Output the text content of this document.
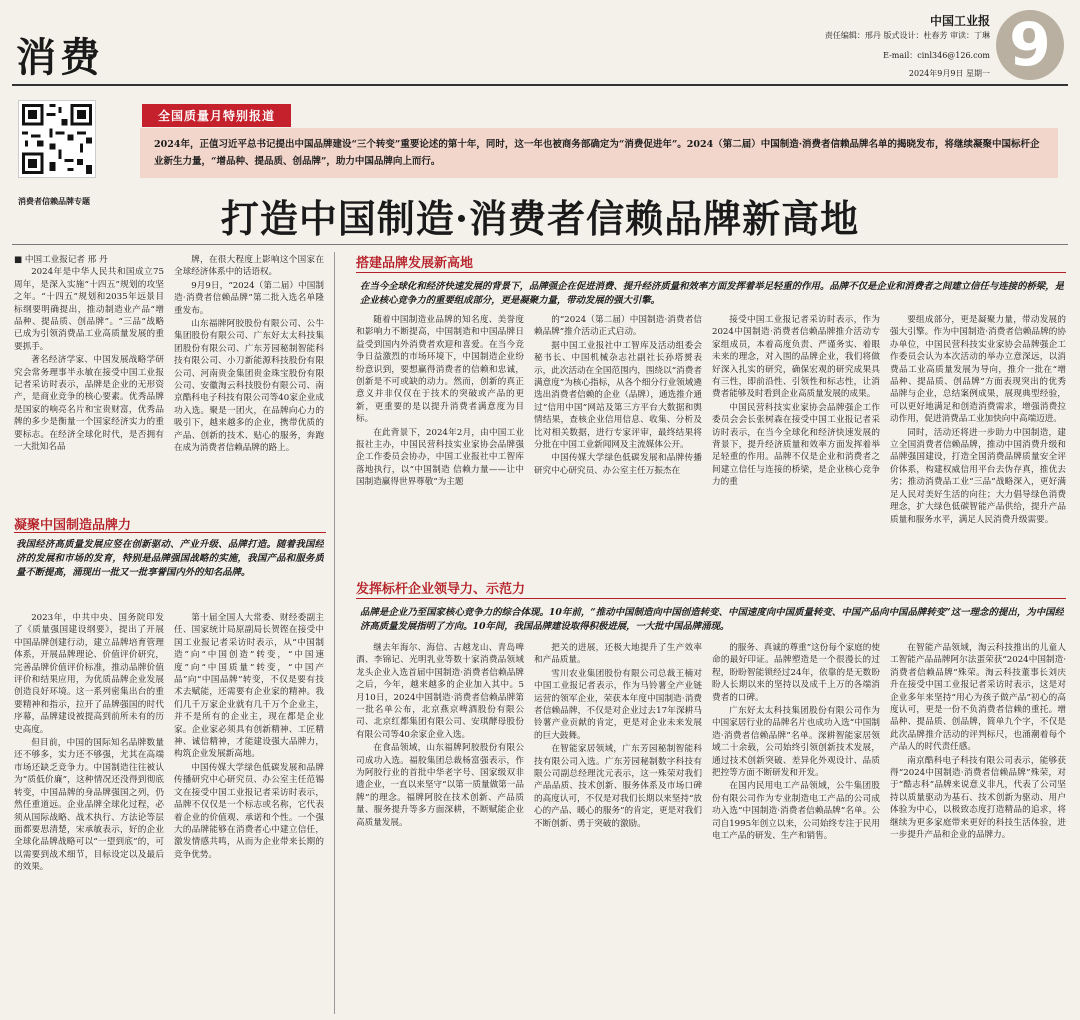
消费
中国工业报
责任编辑：邢丹 版式设计：杜春芳 审读：丁琳
E-mail：cinl346@126.com
2024年9月9日 星期一 9
消费者信赖品牌专题
全国质量月特别报道
2024年，正值习近平总书记提出中国品牌建设“三个转变”重要论述的第十年，同时，这一年也被商务部确定为“消费促进年”。2024（第二届）中国制造·消费者信赖品牌名单的揭晓发布，将继续凝聚中国标杆企业新生力量，“增品种、提品质、创品牌”，助力中国品牌向上而行。
打造中国制造·消费者信赖品牌新高地
■ 中国工业报记者 邢 丹

2024年是中华人民共和国成立75周年，是深入实施“十四五”规划的攻坚之年。“十四五”规划和2035年远景目标纲要明确提出，推动制造业产品“增品种、提品质、创品牌”。“三品”战略已成为引领消费品工业高质量发展的重要抓手。

著名经济学家、中国发展战略学研究会常务理事半永敏在接受中国工业报记者采访时表示，品牌是企业的无形资产，是商业竞争的核心要素。优秀品牌是国家的响亮名片和宝贵财富，优秀品牌的多少是衡量一个国家经济实力的重要标志。在经济全球化时代，是否拥有一大批知名品

牌，在很大程度上影响这个国家在全球经济体系中的话语权。

9月9日，“2024（第二届）中国制造·消费者信赖品牌”第二批入选名单隆重发布。

山东福牌阿胶股份有限公司、公牛集团股份有限公司、广东好太太科技集团股份有限公司、广东芳园秘制智能科技有限公司、小刀新能源科技股份有限公司、河南贵金集团贵金珠宝股份有限公司、安徽淘云科技股份有限公司、南京酷科电子科技有限公司等40家企业成功入选。聚是一团火，在品牌向心力的吸引下，越来越多的企业，携带优质的产品、创新的技术、贴心的服务，奔跑在成为消费者信赖品牌的路上。

凝聚中国制造品牌力
我国经济高质量发展应竖在创新驱动、产业升级、品牌打造。随着我国经济的发展和市场的发育，特别是品牌强国战略的实施，我国产品和服务质量不断提高，涌现出一批又一批享誉国内外的知名品牌。

2023年，中共中央、国务院印发了《质量强国建设纲要》，提出了开展中国品牌创建行动，建立品牌培育管理体系，开展品牌理论、价值评价研究，完善品牌价值评价标准，推动品牌价值评价和结果应用，为优质品牌企业发展创造良好环境。这一系列密集出台的重要精神和指示，拉开了品牌强国的时代序幕，品牌建设被提高到前所未有的历史高度。

但目前，中国的国际知名品牌数量还不够多，实力还不够强，尤其在高端市场还缺乏竞争力。中国制造往往被认为“质低价廉”，这种情况还没得到彻底转变，中国品牌的身品牌强国之列，仍然任重道远。企业品牌全球化过程，必须从国际战略、战术执行、方法论等层面都要思清楚，宋承敏表示，好的企业全球化品牌战略可以“一望到底”的，可以需要到战术细节，目标设定以及最后的效果。

第十届全国人大常委、财经委副主任、国家统计局原副局长贺铿在接受中国工业报记者采访时表示，从“中国制造”向“中国创造”转变，“中国速度”向“中国质量”转变，“中国产品”向“中国品牌”转变，不仅是要有技术去赋能，还需要有企业家的精神。我们几千万家企业就有几千万个企业主，并不是所有的企业主，现在都是企业家。企业家必须具有创新精神、工匠精神、诚信精神，才能建设强大品牌力，构筑企业发展新高地。

中国传媒大学绿色低碳发展和品牌传播研究中心研究员、办公室主任范锡文在接受中国工业报记者采访时表示，品牌不仅仅是一个标志或名称，它代表着企业的价值观、承诺和个性。一个强大的品牌能够在消费者心中建立信任，激发情感共鸣，从而为企业带来长期的竞争优势。

搭建品牌发展新高地
在当今全球化和经济快速发展的背景下，品牌强企在促进消费、提升经济质量和效率方面发挥着举足轻重的作用。品牌不仅是企业和消费者之间建立信任与连接的桥梁，是企业核心竞争力的重要组成部分，更是凝聚力量，带动发展的强大引擎。

随着中国制造业品牌的知名度、美誉度和影响力不断提高，中国制造和中国品牌日益受到国内外消费者欢迎和喜爱。在当今竞争日益激烈的市场环境下，中国制造企业纷纷意识到，要想赢得消费者的信赖和忠诚，创新是不可或缺的动力。然而，创新的真正意义并非仅仅在于技术的突破或产品的更新，更重要的是以提升消费者满意度为目标。

在此背景下，2024年2月，由中国工业报社主办，中国民营科技实业家协会品牌强企工作委员会协办，中国工业报社中工智库落地执行，以“中国制造 信赖力量——让中国制造赢得世界尊敬”为主题

的“2024（第二届）中国制造·消费者信赖品牌”推介活动正式启动。

据中国工业报社中工智库及活动组委会秘书长、中国机械杂志社副社长孙塔赟表示，此次活动在全国范围内，围绕以“消费者满意度”为核心指标，从各个细分行业领域遴选出消费者信赖的企业（品牌），通选推介通过“信用中国”网站及第三方平台大数据和舆情结果，查核企业信用信息、收集、分析及比对相关数据，进行专家评审，最终结果将分批在中国工业新闻网及主流媒体公开。

中国传媒大学绿色低碳发展和品牌传播研究中心研究员、办公室主任万振杰在

接受中国工业报记者采访时表示，作为2024中国制造·消费者信赖品牌推介活动专家组成员，本着高度负责、严谨务实、着眼未来的理念，对入围的品牌企业，我们将做好深入扎实的研究，确保宏观的研究成果具有三性，即前沿性、引领性和标志性，让消费者能够及时看到企业高质量发展的成果。

中国民营科技实业家协会品牌强企工作委员会会长张树森在接受中国工业报记者采访时表示，在当今全球化和经济快速发展的背景下，提升经济质量和效率方面发挥着举足轻重的作用。品牌不仅是企业和消费者之间建立信任与连接的桥梁，是企业核心竞争力的重

要组成部分，更是凝聚力量，带动发展的强大引擎。作为中国制造·消费者信赖品牌的协办单位，中国民营科技实业家协会品牌强企工作委员会认为本次活动的举办立意深远，以消费品工业高质量发展为导向，推介一批在“增品种、提品质、创品牌”方面表现突出的优秀品牌与企业，总结案例成果，展现典型经验，可以更好地满足和创造消费需求，增强消费拉动作用，促进消费品工业加快向中高端迈进。

同时，活动还将进一步助力中国制造，建立全国消费者信赖品牌，推动中国消费升级和品牌强国建设，打造全国消费品牌质量安全评价体系，构建权威信用平台去伪存真，推优去劣；推动消费品工业“三品”战略深入，更好满足人民对美好生活的向往；大力倡导绿色消费理念，扩大绿色低碳智能产品供给，提升产品质量和服务水平，满足人民消费升级需要。

发挥标杆企业领导力、示范力
品牌是企业乃至国家核心竞争力的综合体现。10年前，“推动中国制造向中国创造转变、中国速度向中国质量转变、中国产品向中国品牌转变”这一理念的提出，为中国经济高质量发展指明了方向。10年间，我国品牌建设取得积极进展，一大批中国品牌涌现。

继去年海尔、海信、古越龙山、青岛啤酒、李锦记、光明乳业等数十家消费品领域龙头企业入选首届中国制造·消费者信赖品牌之后，今年，越来越多的企业加入其中。5月10日，2024中国制造·消费者信赖品牌第一批名单公布，北京燕京啤酒股份有限公司、北京红都集团有限公司、安琪酵母股份有限公司等40余家企业入选。

在食品领域，山东福牌阿胶股份有限公司成功入选。福胶集团总裁杨富强表示，作为阿胶行业的首批中华老字号、国家级双非遗企业，一直以来坚守“以第一质量做第一品牌”的理念。福牌阿胶在技术创新、产品质量、服务提升等多方面深耕，不断赋能企业高质量发展。

把关的进展，还极大地提升了生产效率和产品质量。

雪川农业集团股份有限公司总裁王楠对中国工业报记者表示，作为马铃薯全产业链运营的领军企业，荣获本年度中国制造·消费者信赖品牌，不仅是对企业过去17年深耕马铃薯产业贡献的肯定，更是对企业未来发展的巨大鼓舞。

在智能家居领域，广东芳园秘制智能科技有限公司入选。广东芳园秘制数字科技有限公司副总经理沈元表示，这一殊荣对我们产品品质、技术创新、服务体系及市场口碑的高度认可，不仅是对我们长期以来坚持“放心的产品、暖心的服务”的肯定，更是对我们不断创新、勇于突破的激励。

的服务、真诚的尊重”这份每个家庭的使命的最好印证。品牌塑造是一个很漫长的过程，盼盼智能锁经过24年，依靠的是无数盼盼人长期以来的坚持以及成千上万的各端消费者的口碑。

广东好太太科技集团股份有限公司作为中国家居行业的品牌名片也成功入选“中国制造·消费者信赖品牌”名单。深耕智能家居领域二十余载，公司始终引领创新技术发展，通过技术创新突破、差异化外观设计、品质把控等方面不断研发和开发。

在国内民用电工产品领域，公牛集团股份有限公司作为专业制造电工产品的公司成功入选“中国制造·消费者信赖品牌”名单。公司自1995年创立以来，公司始终专注于民用电工产品的研发、生产和销售。

在智能产品领域，淘云科技推出的儿童人工智能产品品牌阿尔法蛋荣获“2024中国制造·消费者信赖品牌”殊荣。淘云科技董事长刘庆升在接受中国工业报记者采访时表示，这是对企业多年来坚持“用心为孩子做产品”初心的高度认可，更是一份不负消费者信赖的重托。增品种、提品质、创品牌，简单九个字，不仅是此次品牌推介活动的评判标尺，也涌潮着每个产品人的时代责任感。

南京酷科电子科技有限公司表示，能够获得“2024中国制造·消费者信赖品牌”殊荣，对于“酷志科”品牌来说意义非凡，代表了公司坚持以质量驱动为基石、技术创新为驱动、用户体验为中心，以极致态度打造精品的追求，将继续为更多家庭带来更好的科技生活体验，进一步提升产品和企业的品牌力。
